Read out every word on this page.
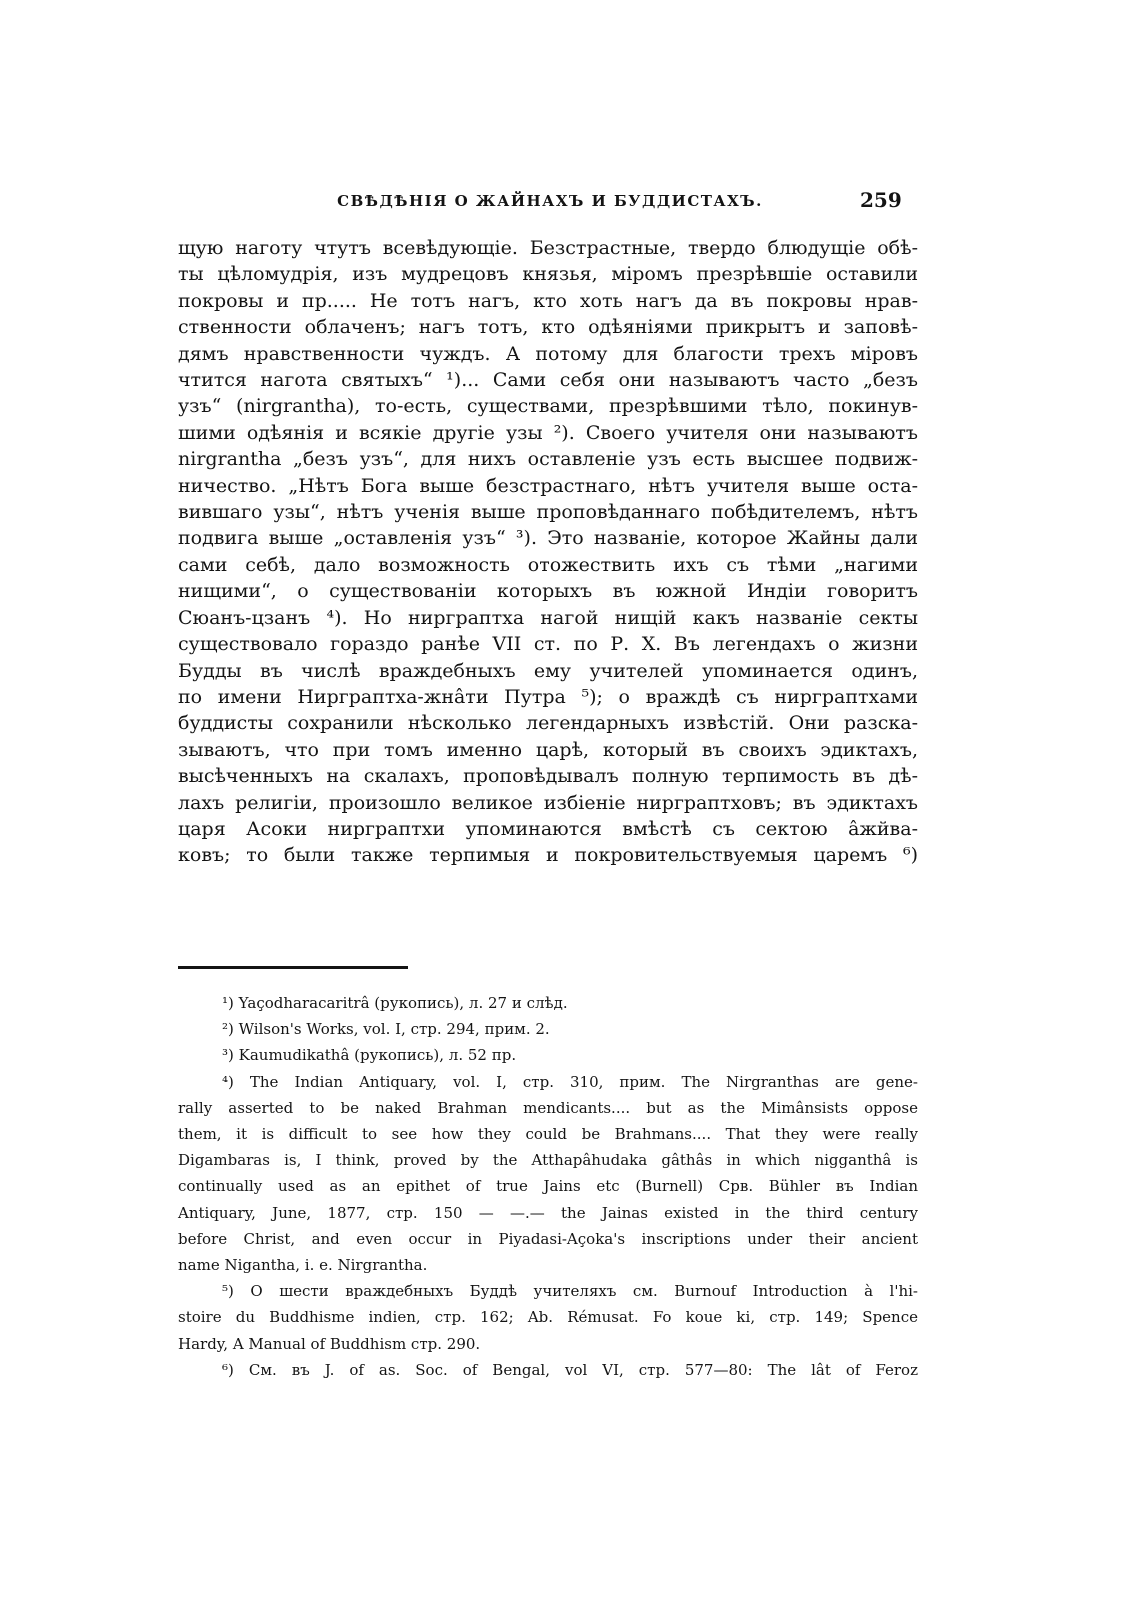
СВѢДѢНІЯ О ЖАЙНАХЪ И БУДДИСТАХЪ.	259
щую наготу чтутъ всевѣдующіе. Безстрастные, твердо блюдущіе обѣ-
ты цѣломудрія, изъ мудрецовъ князья, міромъ презрѣвшіе оставили
покровы и пр..... Не тотъ нагъ, кто хоть нагъ да въ покровы нрав-
ственности облаченъ; нагъ тотъ, кто одѣяніями прикрытъ и заповѣ-
дямъ нравственности чуждъ. А потому для благости трехъ міровъ
чтится нагота святыхъ“ ¹)... Сами себя они называютъ часто „безъ
узъ“ (nirgrantha), то-есть, существами, презрѣвшими тѣло, покинув-
шими одѣянія и всякіе другіе узы ²). Своего учителя они называютъ
nirgrantha „безъ узъ“, для нихъ оставленіе узъ есть высшее подвиж-
ничество. „Нѣтъ Бога выше безстрастнаго, нѣтъ учителя выше оста-
вившаго узы“, нѣтъ ученія выше проповѣданнаго побѣдителемъ, нѣтъ
подвига выше „оставленія узъ“ ³). Это названіе, которое Жайны дали
сами себѣ, дало возможность отожествить ихъ съ тѣми „нагими
нищими“, о существованіи которыхъ въ южной Индіи говоритъ
Сюанъ-цзанъ ⁴). Но нирграптха нагой нищій какъ названіе секты
существовало гораздо ранѣе VII ст. по Р. X. Въ легендахъ о жизни
Будды въ числѣ враждебныхъ ему учителей упоминается одинъ,
по имени Нирграптха-жнâти Путра ⁵); о враждѣ съ нирграптхами
буддисты сохранили нѣсколько легендарныхъ извѣстій. Они разска-
зываютъ, что при томъ именно царѣ, который въ своихъ эдиктахъ,
высѣченныхъ на скалахъ, проповѣдывалъ полную терпимость въ дѣ-
лахъ религіи, произошло великое избіеніе нирграптховъ; въ эдиктахъ
царя Асоки нирграптхи упоминаются вмѣстѣ съ сектою âжйвa-
ковъ; то были также терпимыя и покровительствуемыя царемъ ⁶)
¹) Yaçodharacaritrâ (рукопись), л. 27 и слѣд.
²) Wilson's Works, vol. I, стр. 294, прим. 2.
³) Kaumudikathâ (рукопись), л. 52 пр.
⁴) The Indian Antiquary, vol. I, стр. 310, прим. The Nirgranthas are gene-
rally asserted to be naked Brahman mendicants.... but as the Mimânsists oppose
them, it is difficult to see how they could be Brahmans.... That they were really
Digambaras is, I think, proved by the Atthapâhudaka gâthâs in which nigganthâ is
continually used as an epithet of true Jains etc (Burnell) Срв. Bühler въ Indian
Antiquary, June, 1877, стр. 150 — —.— the Jainas existed in the third century
before Christ, and even occur in Piyadasi-Açoka's inscriptions under their ancient
name Nigantha, i. e. Nirgrantha.
⁵) О шести враждебныхъ Буддѣ учителяхъ см. Burnouf Introduction à l'hi-
stoire du Buddhisme indien, стр. 162; Ab. Rémusat. Fo koue ki, стр. 149; Spence
Hardy, A Manual of Buddhism стр. 290.
⁶) См. въ J. of as. Soc. of Bengal, vol VI, стр. 577—80: The lât of Feroz
